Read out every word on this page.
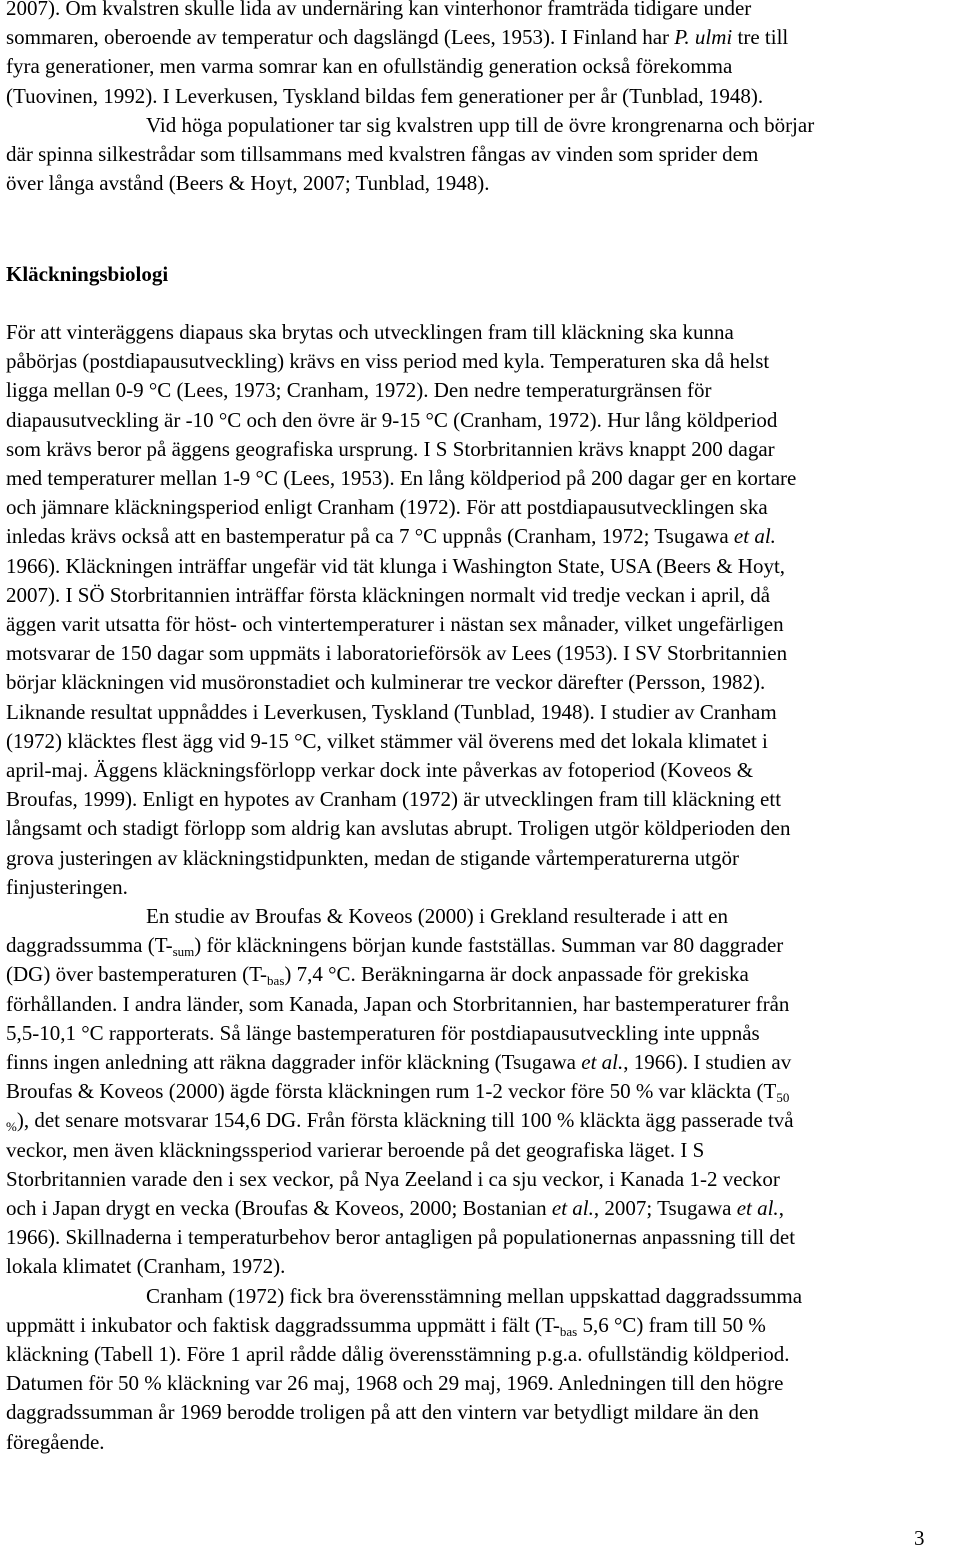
2007). Om kvalstren skulle lida av undernäring kan vinterhonor framträda tidigare under
sommaren, oberoende av temperatur och dagslängd (Lees, 1953). I Finland har P. ulmi tre till
fyra generationer, men varma somrar kan en ofullständig generation också förekomma
(Tuovinen, 1992). I Leverkusen, Tyskland bildas fem generationer per år (Tunblad, 1948).
Vid höga populationer tar sig kvalstren upp till de övre krongrenarna och börjar
där spinna silkestrådar som tillsammans med kvalstren fångas av vinden som sprider dem
över långa avstånd (Beers & Hoyt, 2007; Tunblad, 1948).
Kläckningsbiologi
För att vinteräggens diapaus ska brytas och utvecklingen fram till kläckning ska kunna
påbörjas (postdiapausutveckling) krävs en viss period med kyla. Temperaturen ska då helst
ligga mellan 0-9 °C (Lees, 1973; Cranham, 1972). Den nedre temperaturgränsen för
diapausutveckling är -10 °C och den övre är 9-15 °C (Cranham, 1972). Hur lång köldperiod
som krävs beror på äggens geografiska ursprung. I S Storbritannien krävs knappt 200 dagar
med temperaturer mellan 1-9 °C (Lees, 1953). En lång köldperiod på 200 dagar ger en kortare
och jämnare kläckningsperiod enligt Cranham (1972). För att postdiapausutvecklingen ska
inledas krävs också att en bastemperatur på ca 7 °C uppnås (Cranham, 1972; Tsugawa et al.
1966). Kläckningen inträffar ungefär vid tät klunga i Washington State, USA (Beers & Hoyt,
2007). I SÖ Storbritannien inträffar första kläckningen normalt vid tredje veckan i april, då
äggen varit utsatta för höst- och vintertemperaturer i nästan sex månader, vilket ungefärligen
motsvarar de 150 dagar som uppmäts i laboratorieförsök av Lees (1953). I SV Storbritannien
börjar kläckningen vid musöronstadiet och kulminerar tre veckor därefter (Persson, 1982).
Liknande resultat uppnåddes i Leverkusen, Tyskland (Tunblad, 1948). I studier av Cranham
(1972) kläcktes flest ägg vid 9-15 °C, vilket stämmer väl överens med det lokala klimatet i
april-maj. Äggens kläckningsförlopp verkar dock inte påverkas av fotoperiod (Koveos &
Broufas, 1999). Enligt en hypotes av Cranham (1972) är utvecklingen fram till kläckning ett
långsamt och stadigt förlopp som aldrig kan avslutas abrupt. Troligen utgör köldperioden den
grova justeringen av kläckningstidpunkten, medan de stigande vårtemperaturerna utgör
finjusteringen.
En studie av Broufas & Koveos (2000) i Grekland resulterade i att en
daggradssumma $(T-_{sum})$ för kläckningens början kunde fastställas. Summan var 80 daggrader
(DG) över bastemperaturen $(T-_{bas})$ 7,4 °C. Beräkningarna är dock anpassade för grekiska
förhållanden. I andra länder, som Kanada, Japan och Storbritannien, har bastemperaturer från
5,5-10,1 °C rapporterats. Så länge bastemperaturen för postdiapausutveckling inte uppnås
finns ingen anledning att räkna daggrader inför kläckning (Tsugawa et al., 1966). I studien av
Broufas & Koveos (2000) ägde första kläckningen rum 1-2 veckor före 50 % var kläckta ($T_{50}$
$_{\%}$), det senare motsvarar 154,6 DG. Från första kläckning till 100 % kläckta ägg passerade två
veckor, men även kläckningssperiod varierar beroende på det geografiska läget. I S
Storbritannien varade den i sex veckor, på Nya Zeeland i ca sju veckor, i Kanada 1-2 veckor
och i Japan drygt en vecka (Broufas & Koveos, 2000; Bostanian et al., 2007; Tsugawa et al.,
1966). Skillnaderna i temperaturbehov beror antagligen på populationernas anpassning till det
lokala klimatet (Cranham, 1972).
Cranham (1972) fick bra överensstämning mellan uppskattad daggradssumma
uppmätt i inkubator och faktisk daggradssumma uppmätt i fält ($T-_{bas}$ 5,6 °C) fram till 50 %
kläckning (Tabell 1). Före 1 april rådde dålig överensstämning p.g.a. ofullständig köldperiod.
Datumen för 50 % kläckning var 26 maj, 1968 och 29 maj, 1969. Anledningen till den högre
daggradssumman år 1969 berodde troligen på att den vintern var betydligt mildare än den
föregående.
3
